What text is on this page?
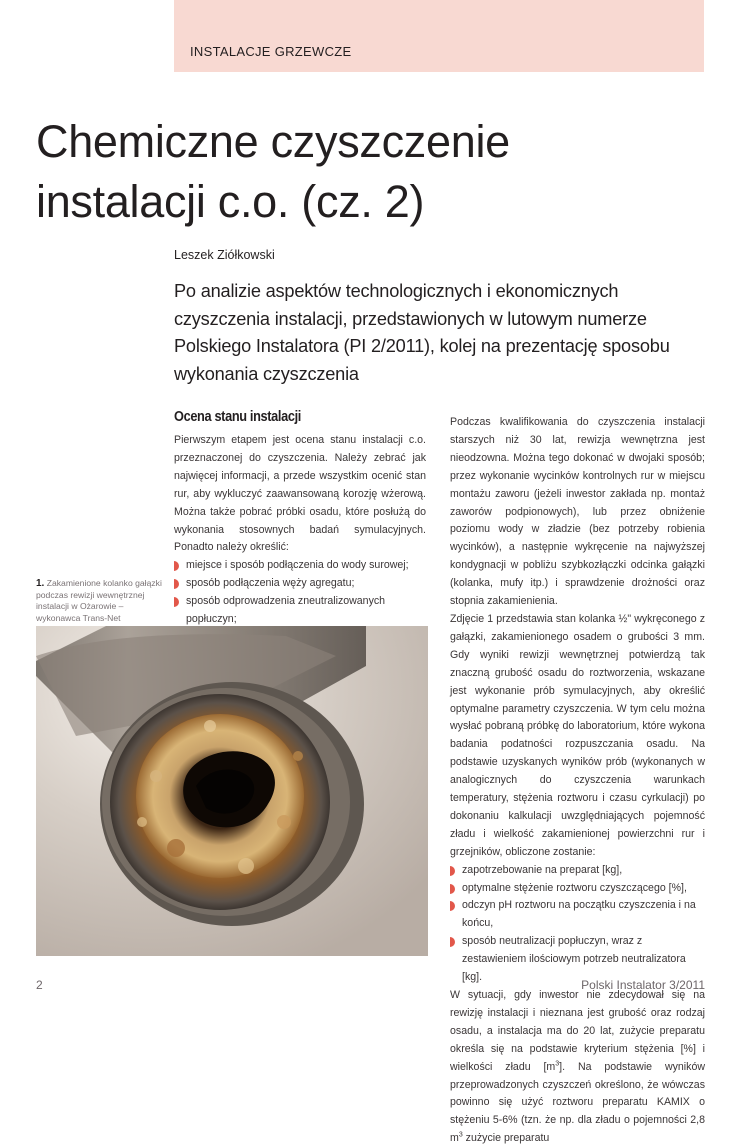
INSTALACJE GRZEWCZE
Chemiczne czyszczenie
instalacji c.o. (cz. 2)
Leszek Ziółkowski
Po analizie aspektów technologicznych i ekonomicznych czyszczenia instalacji, przedstawionych w lutowym numerze Polskiego Instalatora (PI 2/2011), kolej na prezentację sposobu wykonania czyszczenia
Ocena stanu instalacji

Pierwszym etapem jest ocena stanu instalacji c.o. przeznaczonej do czyszczenia. Należy zebrać jak najwięcej informacji, a przede wszystkim ocenić stan rur, aby wykluczyć zaawansowaną korozję wżerową. Można także pobrać próbki osadu, które posłużą do wykonania stosownych badań symulacyjnych. Ponadto należy określić:

miejsce i sposób podłączenia do wody surowej;
sposób podłączenia węży agregatu;
sposób odprowadzenia zneutralizowanych popłuczyn;
1. Zakamienione kolanko gałązki podczas rewizji wewnętrznej instalacji w Ożarowie – wykonawca Trans-Net

Podczas kwalifikowania do czyszczenia instalacji starszych niż 30 lat, rewizja wewnętrzna jest nieodzowna. Można tego dokonać w dwojaki sposób; przez wykonanie wycinków kontrolnych rur w miejscu montażu zaworu (jeżeli inwestor zakłada np. montaż zaworów podpionowych), lub przez obniżenie poziomu wody w zładzie (bez potrzeby robienia wycinków), a następnie wykręcenie na najwyższej kondygnacji w pobliżu szybkozłączki odcinka gałązki (kolanka, mufy itp.) i sprawdzenie drożności oraz stopnia zakamienienia.

Zdjęcie 1 przedstawia stan kolanka ½" wykręconego z gałązki, zakamienionego osadem o grubości 3 mm. Gdy wyniki rewizji wewnętrznej potwierdzą tak znaczną grubość osadu do roztworzenia, wskazane jest wykonanie prób symulacyjnych, aby określić optymalne parametry czyszczenia. W tym celu można wysłać pobraną próbkę do laboratorium, które wykona badania podatności rozpuszczania osadu. Na podstawie uzyskanych wyników prób (wykonanych w analogicznych do czyszczenia warunkach temperatury, stężenia roztworu i czasu cyrkulacji) po dokonaniu kalkulacji uwzględniających pojemność zładu i wielkość zakamienionej powierzchni rur i grzejników, obliczone zostanie:

zapotrzebowanie na preparat [kg],
optymalne stężenie roztworu czyszczącego [%],
odczyn pH roztworu na początku czyszczenia i na końcu,
sposób neutralizacji popłuczyn, wraz z zestawieniem ilościowym potrzeb neutralizatora [kg].

W sytuacji, gdy inwestor nie zdecydował się na rewizję instalacji i nieznana jest grubość oraz rodzaj osadu, a instalacja ma do 20 lat, zużycie preparatu określa się na podstawie kryterium stężenia [%] i wielkości zładu $[m^3]$. Na podstawie wyników przeprowadzonych czyszczeń określono, że wówczas powinno się użyć roztworu preparatu KAMIX o stężeniu 5-6% (tzn. że np. dla zładu o pojemności 2,8 $m^3$ zużycie preparatu

2	Polski Instalator 3/2011
